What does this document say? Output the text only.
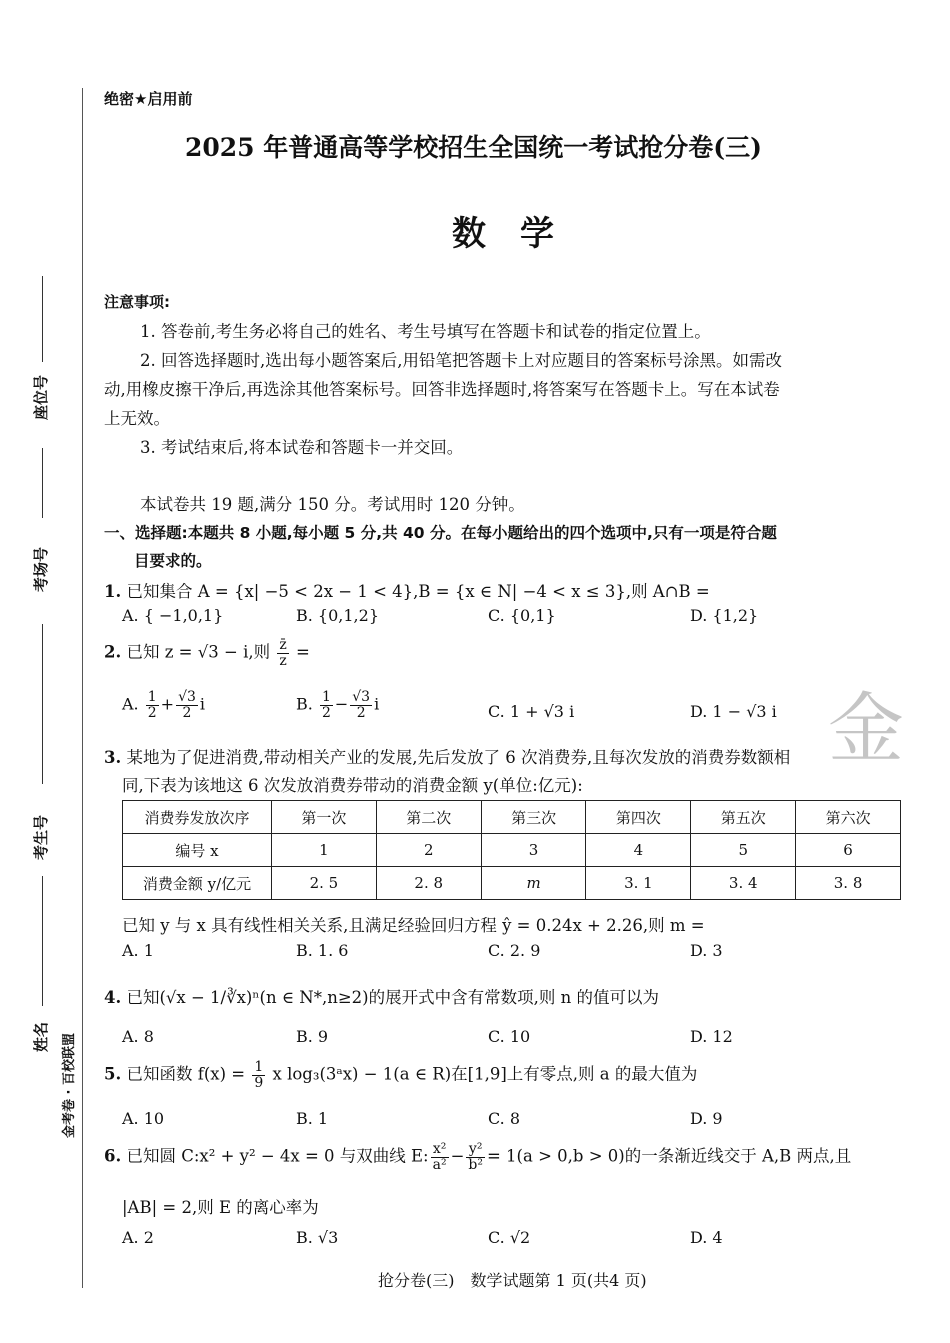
座位号
考场号
考生号
姓名 金考卷 · 百校联盟
绝密★启用前
2025 年普通高等学校招生全国统一考试抢分卷(三)
数　学
注意事项:
1. 答卷前,考生务必将自己的姓名、考生号填写在答题卡和试卷的指定位置上。
2. 回答选择题时,选出每小题答案后,用铅笔把答题卡上对应题目的答案标号涂黑。如需改
动,用橡皮擦干净后,再选涂其他答案标号。回答非选择题时,将答案写在答题卡上。写在本试卷
上无效。
3. 考试结束后,将本试卷和答题卡一并交回。
本试卷共 19 题,满分 150 分。考试用时 120 分钟。
一、选择题:本题共 8 小题,每小题 5 分,共 40 分。在每小题给出的四个选项中,只有一项是符合题
目要求的。
1. 已知集合 A = {x| −5 < 2x − 1 < 4},B = {x ∈ N| −4 < x ≤ 3},则 A∩B =
A. { −1,0,1}	B. {0,1,2}	C. {0,1}	D. {1,2}
2. 已知 z = √3 − i,则 $\frac{z̄}{z}$ =
A. $\frac{1}{2} + \frac{√3}{2}$ i	B. $\frac{1}{2} - \frac{√3}{2}$ i	C. 1 + √3 i	D. 1 − √3 i 金
3. 某地为了促进消费,带动相关产业的发展,先后发放了 6 次消费券,且每次发放的消费券数额相
同,下表为该地这 6 次发放消费券带动的消费金额 y(单位:亿元):
消费券发放次序	第一次	第二次	第三次	第四次	第五次	第六次
编号 x	1	2	3	4	5	6
消费金额 y/亿元	2. 5	2. 8	m	3. 1	3. 4	3. 8
已知 y 与 x 具有线性相关关系,且满足经验回归方程 ŷ = 0.24x + 2.26,则 m =
A. 1	B. 1. 6	C. 2. 9	D. 3
4. 已知(√x − 1/∛x)ⁿ(n ∈ N*,n≥2)的展开式中含有常数项,则 n 的值可以为
A. 8	B. 9	C. 10	D. 12
5. 已知函数 $f(x) = \frac{1}{9}$ x log₃(3ᵃx) − 1(a ∈ R)在[1,9]上有零点,则 a 的最大值为
A. 10	B. 1	C. 8	D. 9
6. 已知圆 C:x² + y² − 4x = 0 与双曲线 E: $\frac{\text{x²}}{\text{a²}} - \frac{\text{y²}}{\text{b²}} = 1(a > 0,b > 0)$的一条渐近线交于 A,B 两点,且
|AB| = 2,则 E 的离心率为
A. 2	B. √3	C. √2	D. 4
抢分卷(三)　数学试题第 1 页(共4 页)
